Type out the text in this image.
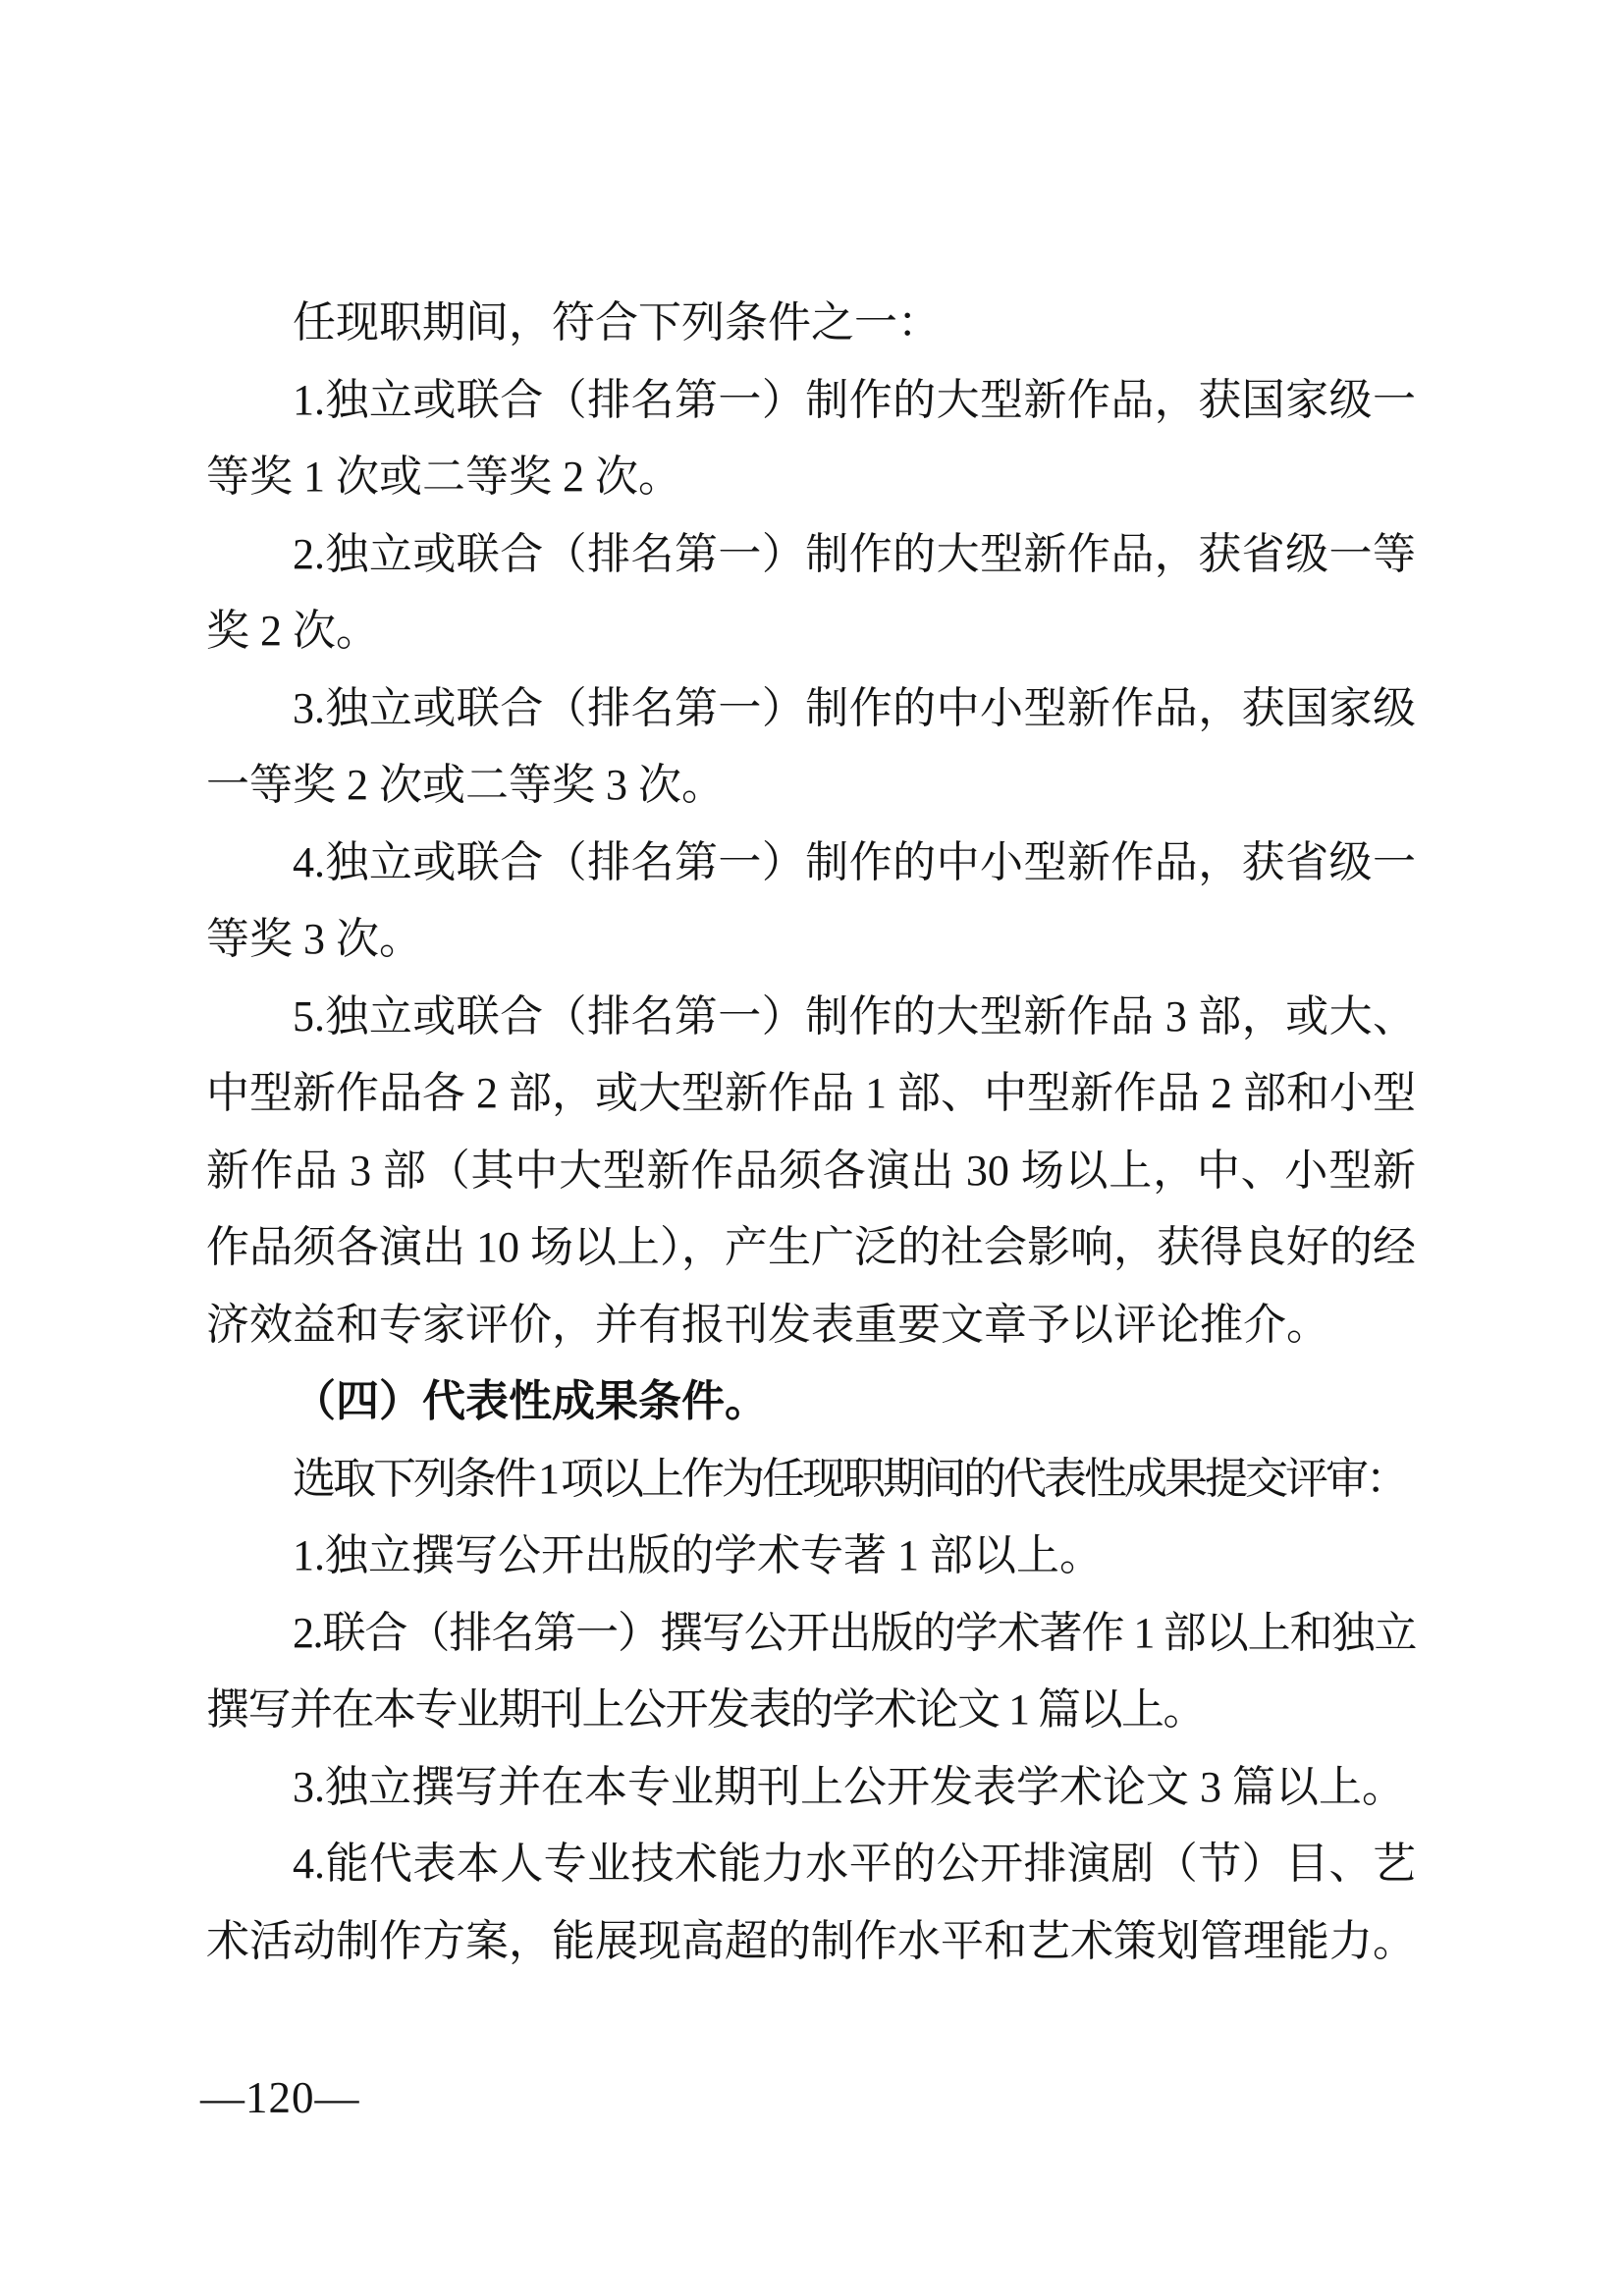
任现职期间，符合下列条件之一：

1.独立或联合（排名第一）制作的大型新作品，获国家级一等奖 1 次或二等奖 2 次。

2.独立或联合（排名第一）制作的大型新作品，获省级一等奖 2 次。

3.独立或联合（排名第一）制作的中小型新作品，获国家级一等奖 2 次或二等奖 3 次。

4.独立或联合（排名第一）制作的中小型新作品，获省级一等奖 3 次。

5.独立或联合（排名第一）制作的大型新作品 3 部，或大、中型新作品各 2 部，或大型新作品 1 部、中型新作品 2 部和小型新作品 3 部（其中大型新作品须各演出 30 场以上，中、小型新作品须各演出 10 场以上），产生广泛的社会影响，获得良好的经济效益和专家评价，并有报刊发表重要文章予以评论推介。

（四）代表性成果条件。

选取下列条件 1 项以上作为任现职期间的代表性成果提交评审：

1.独立撰写公开出版的学术专著 1 部以上。

2.联合（排名第一）撰写公开出版的学术著作 1 部以上和独立撰写并在本专业期刊上公开发表的学术论文 1 篇以上。

3.独立撰写并在本专业期刊上公开发表学术论文 3 篇以上。

4.能代表本人专业技术能力水平的公开排演剧（节）目、艺术活动制作方案，能展现高超的制作水平和艺术策划管理能力。

—120—
